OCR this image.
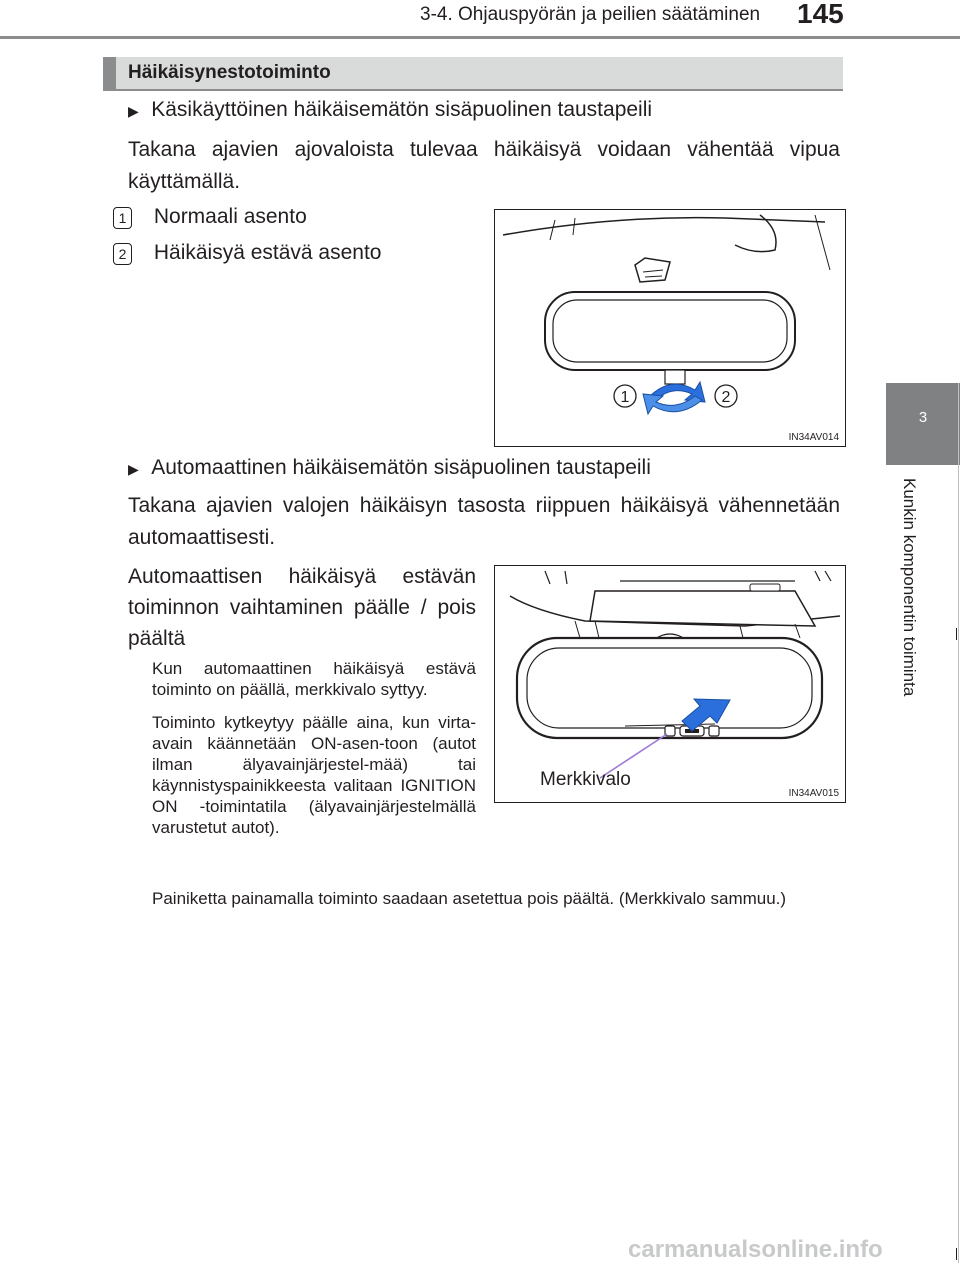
3-4. Ohjauspyörän ja peilien säätäminen 145
3
Kunkin komponentin toiminta
Häikäisynestotoiminto
▶ Käsikäyttöinen häikäisemätön sisäpuolinen taustapeili
Takana ajavien ajovaloista tulevaa häikäisyä voidaan vähentää vipua käyttämällä.
1 Normaali asento
2 Häikäisyä estävä asento
1	2
IN34AV014
▶ Automaattinen häikäisemätön sisäpuolinen taustapeili
Takana ajavien valojen häikäisyn tasosta riippuen häikäisyä vähennetään automaattisesti.
Automaattisen häikäisyä estävän toiminnon vaihtaminen päälle / pois päältä
Kun automaattinen häikäisyä estävä toiminto on päällä, merkkivalo syttyy.
Toiminto kytkeytyy päälle aina, kun virta-avain käännetään ON-asen-toon (autot ilman älyavainjärjestel-mää) tai käynnistyspainikkeesta valitaan IGNITION ON -toimintatila (älyavainjärjestelmällä varustetut autot).
Painiketta painamalla toiminto saadaan asetettua pois päältä. (Merkkivalo sammuu.)
Merkkivalo
IN34AV015
carmanualsonline.info
